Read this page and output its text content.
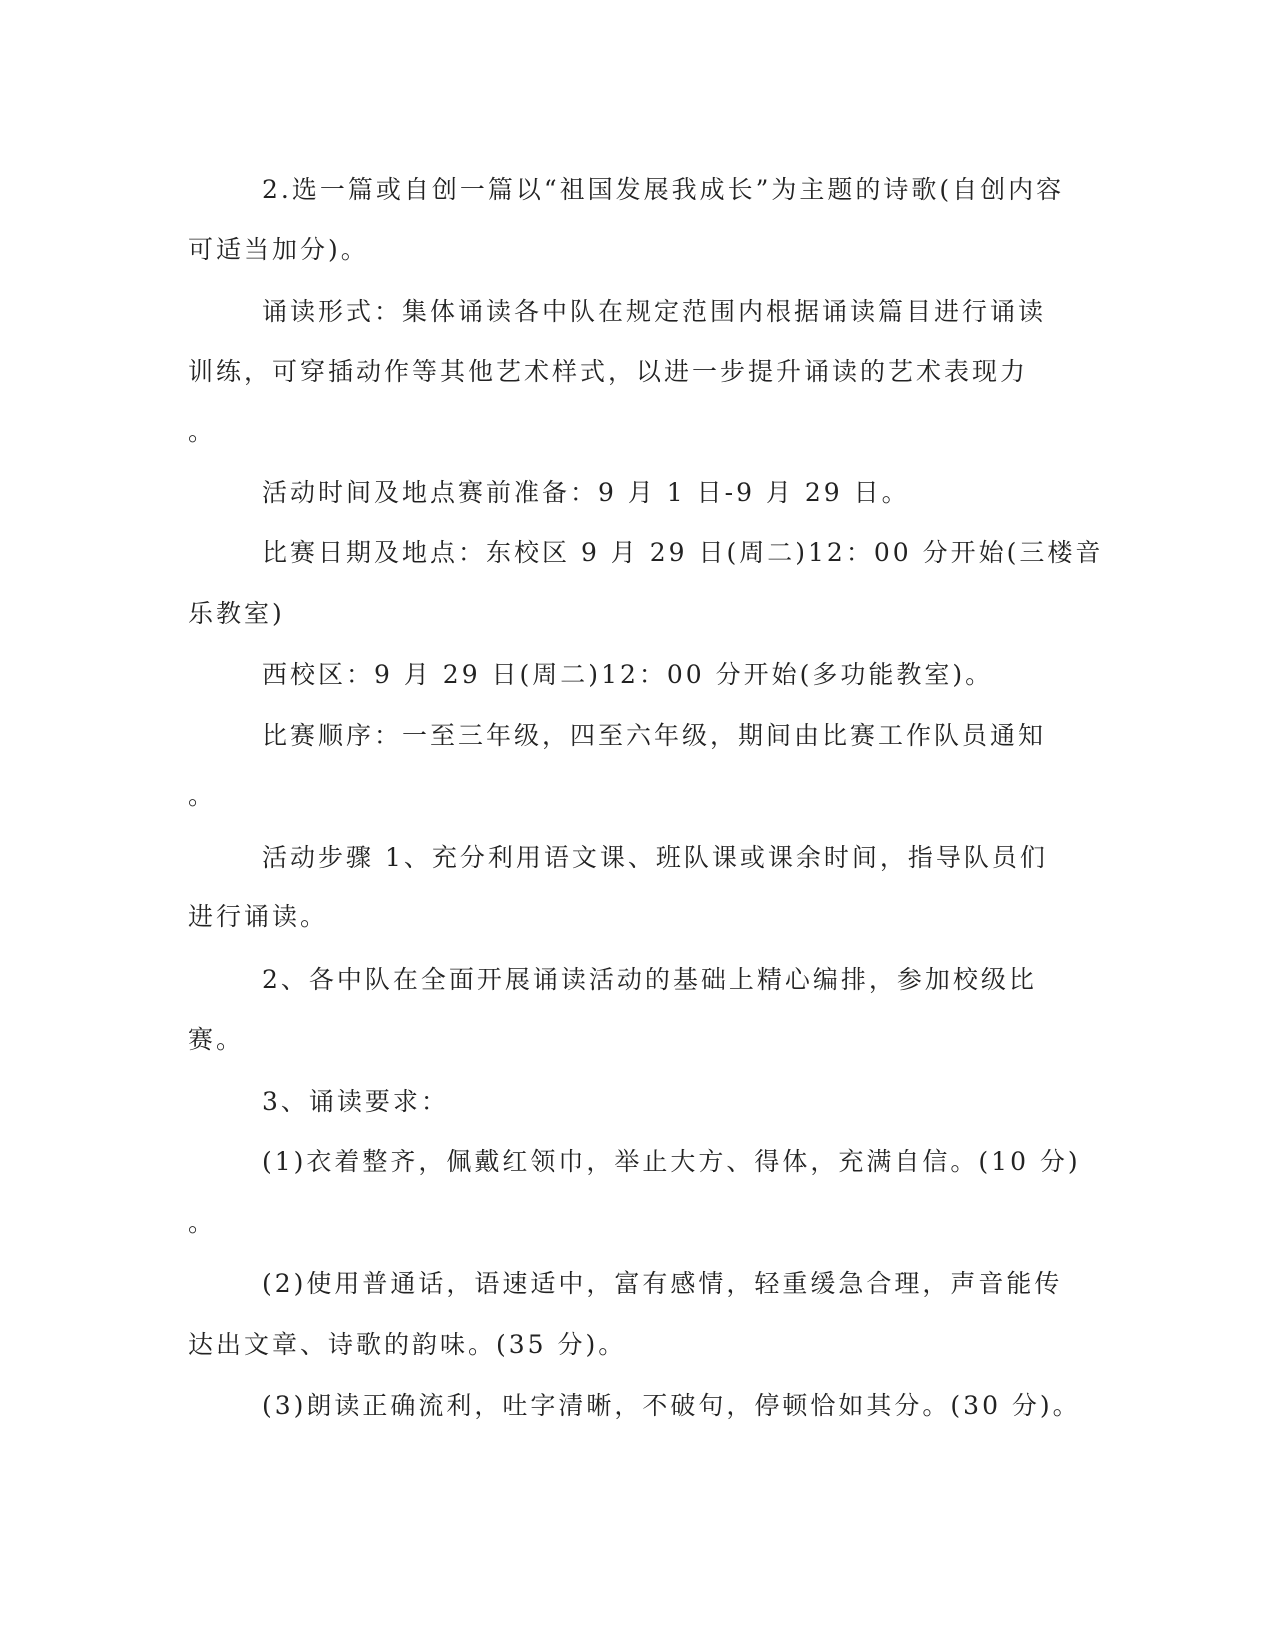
2.选一篇或自创一篇以“祖国发展我成长”为主题的诗歌(自创内容
可适当加分)。
诵读形式：集体诵读各中队在规定范围内根据诵读篇目进行诵读
训练，可穿插动作等其他艺术样式，以进一步提升诵读的艺术表现力
。
活动时间及地点赛前准备：9 月 1 日-9 月 29 日。
比赛日期及地点：东校区 9 月 29 日(周二)12：00 分开始(三楼音
乐教室)
西校区：9 月 29 日(周二)12：00 分开始(多功能教室)。
比赛顺序：一至三年级，四至六年级，期间由比赛工作队员通知
。
活动步骤 1、充分利用语文课、班队课或课余时间，指导队员们
进行诵读。
2、各中队在全面开展诵读活动的基础上精心编排，参加校级比
赛。
3、诵读要求：
(1)衣着整齐，佩戴红领巾，举止大方、得体，充满自信。(10 分)
。
(2)使用普通话，语速适中，富有感情，轻重缓急合理，声音能传
达出文章、诗歌的韵味。(35 分)。
(3)朗读正确流利，吐字清晰，不破句，停顿恰如其分。(30 分)。
